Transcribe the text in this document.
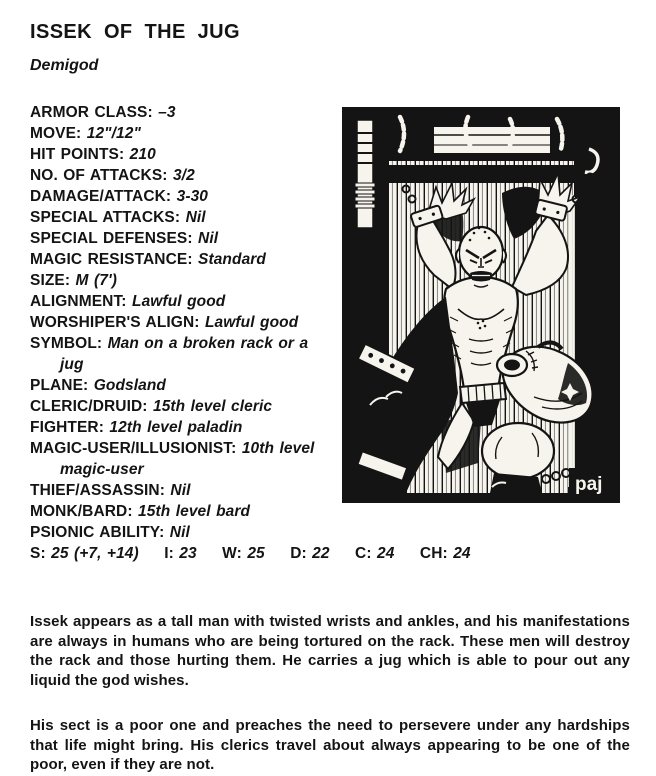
ISSEK OF THE JUG
Demigod
ARMOR CLASS: –3
MOVE: 12"/12"
HIT POINTS: 210
NO. OF ATTACKS: 3/2
DAMAGE/ATTACK: 3-30
SPECIAL ATTACKS: Nil
SPECIAL DEFENSES: Nil
MAGIC RESISTANCE: Standard
SIZE: M (7')
ALIGNMENT: Lawful good
WORSHIPER'S ALIGN: Lawful good
SYMBOL: Man on a broken rack or a
jug
PLANE: Godsland
CLERIC/DRUID: 15th level cleric
FIGHTER: 12th level paladin
MAGIC-USER/ILLUSIONIST: 10th level
magic-user
THIEF/ASSASSIN: Nil
MONK/BARD: 15th level bard
PSIONIC ABILITY: Nil
S: 25 (+7, +14) I: 23 W: 25 D: 22 C: 24 CH: 24
paj

Issek appears as a tall man with twisted wrists and ankles, and his manifestations are always in humans who are being tortured on the rack. These men will destroy the rack and those hurting them. He carries a jug which is able to pour out any liquid the god wishes.

His sect is a poor one and preaches the need to persevere under any hardships that life might bring. His clerics travel about always appearing to be one of the poor, even if they are not.
